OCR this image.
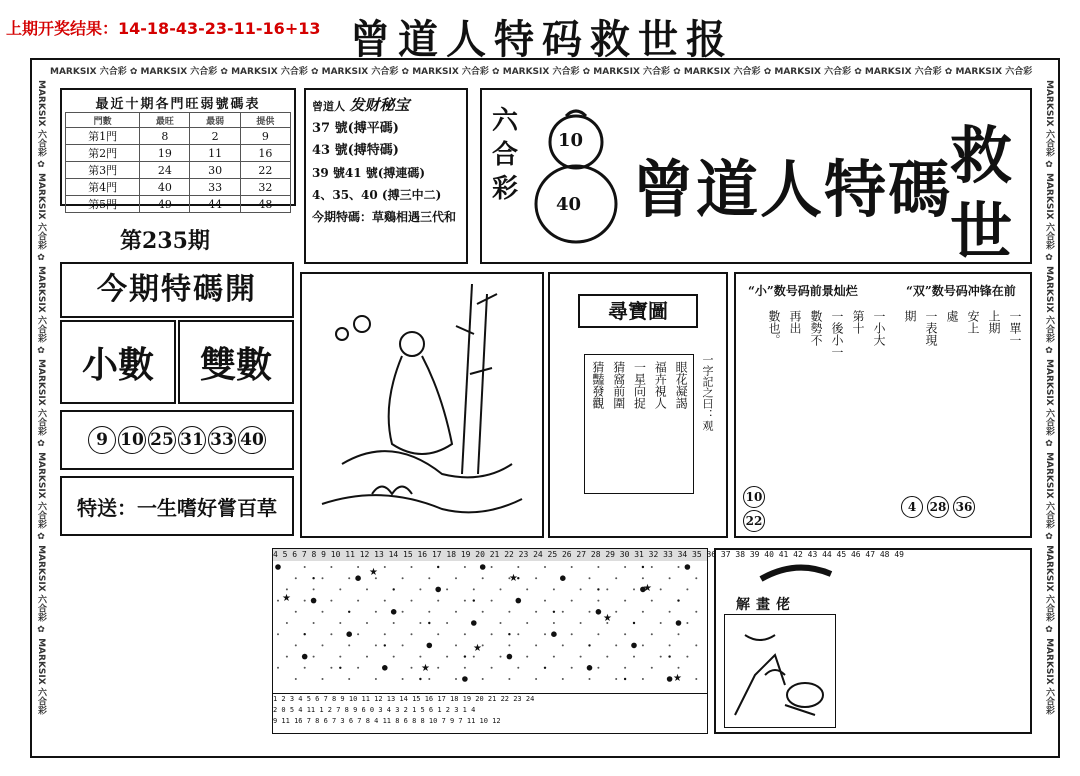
上期开奖结果：14-18-43-23-11-16+13 曾道人特码救世报
MARKSIX 六合彩 ✿ MARKSIX 六合彩 ✿ MARKSIX 六合彩 ✿ MARKSIX 六合彩 ✿ MARKSIX 六合彩 ✿ MARKSIX 六合彩 ✿ MARKSIX 六合彩 ✿ MARKSIX 六合彩 ✿ MARKSIX 六合彩 ✿ MARKSIX 六合彩 ✿ MARKSIX 六合彩
MARKSIX 六合彩 ✿ MARKSIX 六合彩 ✿ MARKSIX 六合彩 ✿ MARKSIX 六合彩 ✿ MARKSIX 六合彩 ✿ MARKSIX 六合彩 ✿ MARKSIX 六合彩
MARKSIX 六合彩 ✿ MARKSIX 六合彩 ✿ MARKSIX 六合彩 ✿ MARKSIX 六合彩 ✿ MARKSIX 六合彩 ✿ MARKSIX 六合彩 ✿ MARKSIX 六合彩
最近十期各門旺弱號碼表
門數	最旺	最弱	提供
第1門	8	2	9
第2門	19	11	16
第3門	24	30	22
第4門	40	33	32
第5門	49	44	48
曾道人 发财秘宝
37 號(搏平碼)
43 號(搏特碼)
39 號41 號(搏連碼)
4、35、40 (搏三中二)
今期特碼：草鷄相遇三代和
六合彩
10
40 曾道人特碼
救
世
第235期
今期特碼開
小數	雙數
9 10 25 31 33 40
特送：一生嗜好嘗百草
尋寶圖
眼花凝謁
福卉視人
一星向捉
猜窩前圍
猜豔發觀	一字記之曰：观
“小”数号码前景灿烂	“双”数号码冲锋在前
一小大
第十
一後小一
數勢不
再出
數也。	一單一
上期
安上
處
一表現
期
10
22
4	28 36
4 5 6 7 8 9 10 11 12 13 14 15 16 17 18 19 20 21 22 23 24 25 26 27 28 29 30 31 32 33 34 35 36 37 38 39 40 41 42 43 44 45 46 47 48 49
★
★
★
★
★
★
★
★
1 2 3 4 5 6 7 8 9 10 11 12 13 14 15 16 17 18 19 20 21 22 23 24
2 0 5 4 11 1 2 7 8 9 6 0 3 4 3 2 1 5 6 1 2 3 1 4
9 11 16 7 8 6 7 3 6 7 8 4 11 8 6 8 8 10 7 9 7 11 10 12
解畫佬
